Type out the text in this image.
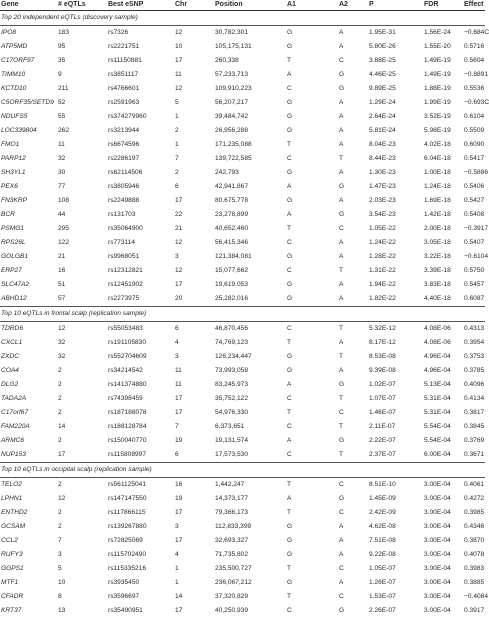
Gene	# eQTLs	Best eSNP	Chr	Position	A1	A2	P	FDR	Effect
Top 20 independent eQTLs (discovery sample)									
IPO8	183	rs7326	12	30,782,301	G	A	1.95E-31	1.56E-24	−0.684C
ATP5MD	95	rs2221751	10	105,175,131	G	A	5.80E-26	1.55E-20	0.5716
C17ORF97	35	rs11150881	17	260,338	T	C	3.88E-25	1.49E-19	0.5604
TIMM10	9	rs3851117	11	57,233,713	A	G	4.46E-25	1.49E-19	−0.8891
KCTD10	211	rs4766601	12	109,910,223	C	G	9.89E-25	1.88E-19	0.5536
C5ORF35/SETD9	52	rs2591963	5	56,207,217	G	A	1.29E-24	1.99E-19	−0.693C
NDUFS5	55	rs374279960	1	39,484,742	G	A	2.64E-24	3.52E-19	0.6104
LOC339804	262	rs3213944	2	26,956,288	G	A	5.81E-24	5.98E-19	0.5509
FMO1	11	rs6674596	1	171,235,088	T	A	8.04E-23	4.02E-18	0.6090
PARP12	32	rs2286197	7	139,722,585	C	T	8.44E-23	6.04E-18	0.5417
SH3YL1	30	rs62114506	2	242,793	G	A	1.30E-23	1.00E-18	−0.5886
PEX6	77	rs3805946	6	42,941,867	A	G	1.47E-23	1.24E-18	0.5406
FN3KRP	108	rs2249888	17	80,675,778	G	A	2.03E-23	1.69E-18	0.5427
BCR	44	rs131703	22	23,278,899	A	G	3.54E-23	1.42E-18	0.5408
PSMG1	295	rs35064900	21	40,652,460	T	C	1.05E-22	2.00E-18	−0.3917
RPS26L	122	rs773114	12	56,415,346	C	A	1.24E-22	3.05E-18	0.5407
GOLGB1	21	rs9968051	3	121,384,081	G	A	1.28E-22	3.22E-18	−0.6104
ERP27	16	rs12312821	12	15,077,662	C	T	1.31E-22	3.39E-18	0.5750
SLC47A2	51	rs12451902	17	19,619,053	G	A	1.94E-22	3.83E-18	0.5457
ABHD12	57	rs2273975	20	25,282,016	G	A	1.82E-22	4.40E-18	0.6087
Top 10 eQTLs in frontal scalp (replication sample)									
TDRD6	12	rs55053483	6	46,870,456	C	T	5.32E-12	4.08E-06	0.4313
CXCL1	32	rs191105830	4	74,769,123	T	A	8.17E-12	4.08E-06	0.3954
ZXDC	32	rs552704609	3	126,234,447	G	T	8.53E-08	4.96E-04	0.3753
COA4	2	rs34214542	11	73,993,058	G	A	9.39E-08	4.96E-04	0.3785
DLG2	2	rs141374880	11	83,245,973	A	G	1.02E-07	5.13E-04	0.4096
TADA2A	2	rs74398459	17	35,752,122	C	T	1.07E-07	5.31E-04	0.4134
C17orf67	2	rs187188078	17	54,976,330	T	C	1.46E-07	5.31E-04	0.3817
FAM220A	14	rs188128784	7	6,373,651	C	T	2.11E-07	5.54E-04	0.3845
ARMC6	2	rs150040770	19	19,131,574	A	G	2.22E-07	5.54E-04	0.3769
NUP153	17	rs115808997	6	17,573,530	C	T	2.37E-07	6.00E-04	0.3671
Top 10 eQTLs in occipital scalp (replication sample)									
TELO2	2	rs561125041	16	1,442,247	T	C	8.51E-10	3.00E-04	0.4061
LPHN1	12	rs147147550	19	14,373,177	A	G	1.45E-09	3.00E-04	0.4272
ENTHD2	2	rs117866115	17	79,366,173	T	C	2.42E-09	3.00E-04	0.3985
GCSAM	2	rs139267880	3	112,833,399	G	A	4.62E-08	3.00E-04	0.4346
CCL2	7	rs72825069	17	32,693,327	G	A	7.51E-08	3.00E-04	0.3870
RUFY3	3	rs115702490	4	71,735,802	G	A	9.22E-08	3.00E-04	0.4078
GGPS1	5	rs115335216	1	235,500,727	T	C	1.05E-07	3.00E-04	0.3983
MTF1	10	rs3935450	1	236,067,212	G	A	1.26E-07	3.00E-04	0.3885
CFADR	8	rs3596697	14	37,320,829	T	C	1.53E-07	3.00E-04	−0.4084
KRT37	13	rs35490951	17	40,250,939	C	G	2.26E-07	3.00E-04	0.3917
